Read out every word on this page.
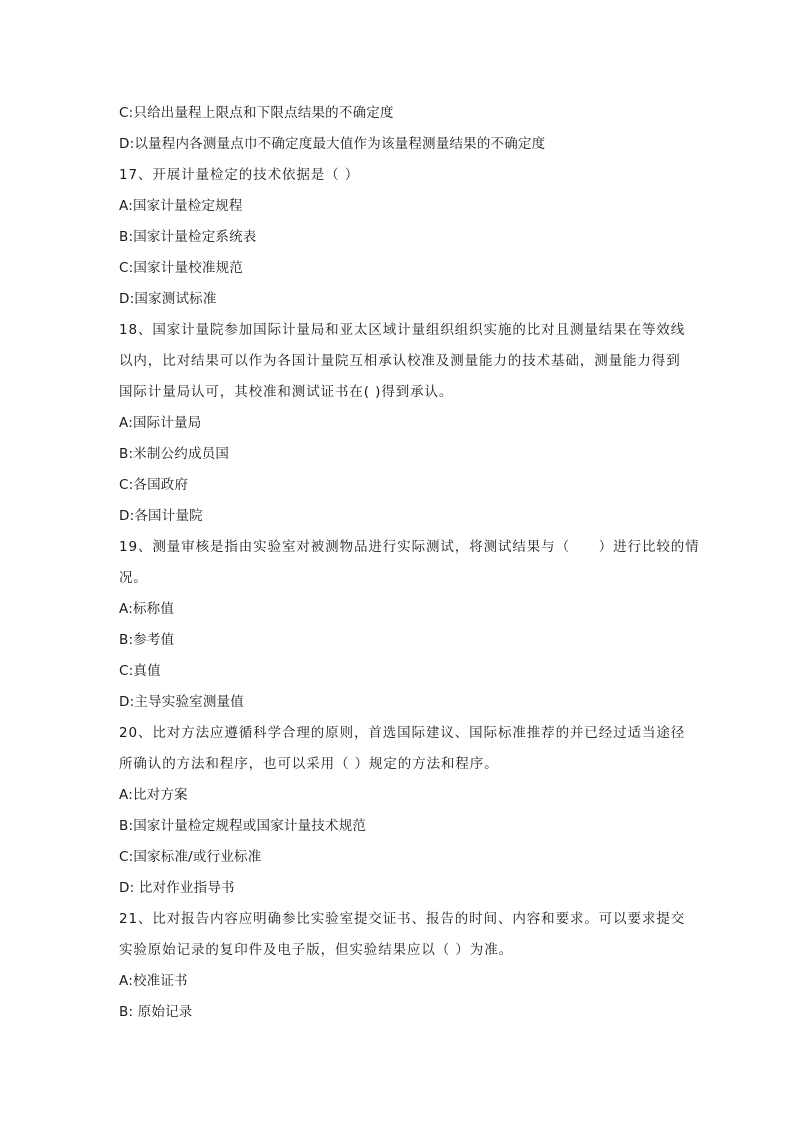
C:只给出量程上限点和下限点结果的不确定度
D:以量程内各测量点巾不确定度最大值作为该量程测量结果的不确定度
17、开展计量检定的技术依据是（ ）
A:国家计量检定规程
B:国家计量检定系统表
C:国家计量校准规范
D:国家测试标准
18、国家计量院参加国际计量局和亚太区域计量组织组织实施的比对且测量结果在等效线
以内，比对结果可以作为各国计量院互相承认校准及测量能力的技术基础，测量能力得到
国际计量局认可，其校准和测试证书在( )得到承认。
A:国际计量局
B:米制公约成员国
C:各国政府
D:各国计量院
19、测量审核是指由实验室对被测物品进行实际测试，将测试结果与（　　）进行比较的情
况。
A:标称值
B:参考值
C:真值
D:主导实验室测量值
20、比对方法应遵循科学合理的原则，首选国际建议、国际标准推荐的并已经过适当途径
所确认的方法和程序，也可以采用（ ）规定的方法和程序。
A:比对方案
B:国家计量检定规程或国家计量技术规范
C:国家标准/或行业标准
D: 比对作业指导书
21、比对报告内容应明确参比实验室提交证书、报告的时间、内容和要求。可以要求提交
实验原始记录的复印件及电子版，但实验结果应以（ ）为准。
A:校准证书
B: 原始记录
